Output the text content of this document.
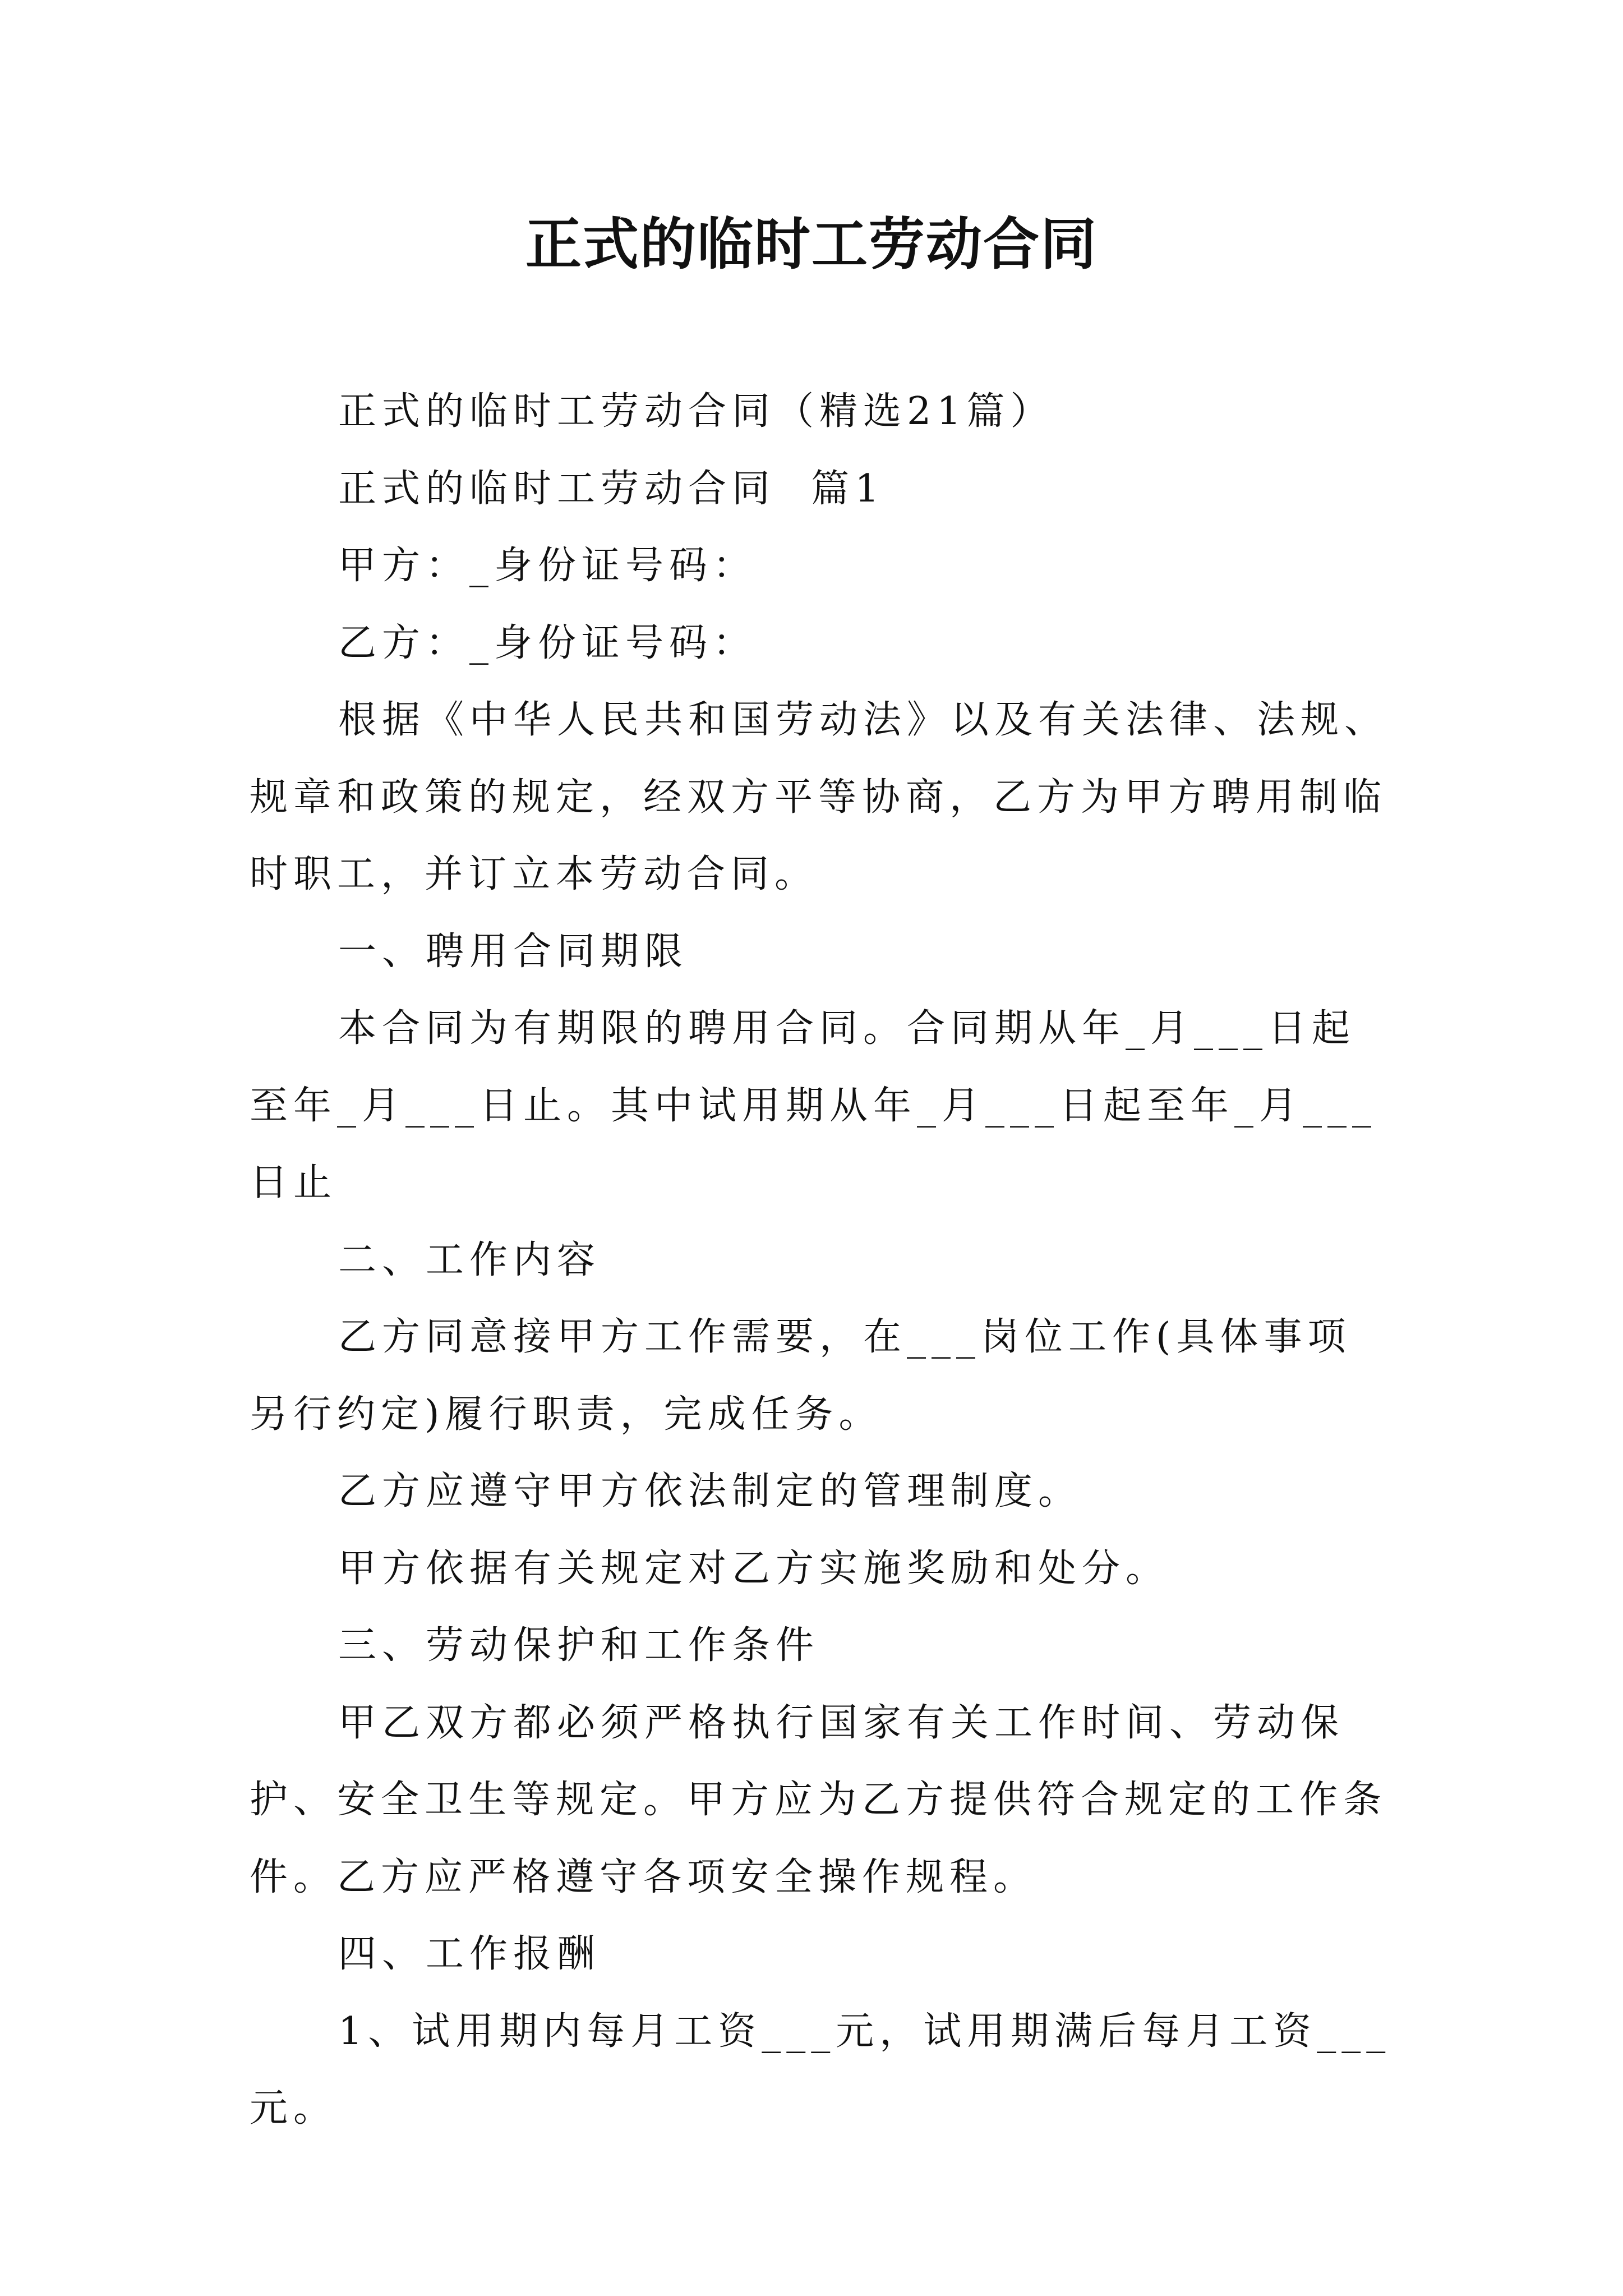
正式的临时工劳动合同

正式的临时工劳动合同（精选21篇）

正式的临时工劳动合同  篇1

甲方：_身份证号码：

乙方：_身份证号码：

根据《中华人民共和国劳动法》以及有关法律、法规、规章和政策的规定，经双方平等协商，乙方为甲方聘用制临时职工，并订立本劳动合同。

一、聘用合同期限

本合同为有期限的聘用合同。合同期从年_月___日起至年_月___日止。其中试用期从年_月___日起至年_月___日止

二、工作内容

乙方同意接甲方工作需要，在___岗位工作(具体事项另行约定)履行职责，完成任务。

乙方应遵守甲方依法制定的管理制度。

甲方依据有关规定对乙方实施奖励和处分。

三、劳动保护和工作条件

甲乙双方都必须严格执行国家有关工作时间、劳动保护、安全卫生等规定。甲方应为乙方提供符合规定的工作条件。乙方应严格遵守各项安全操作规程。

四、工作报酬

1、试用期内每月工资___元，试用期满后每月工资___元。
